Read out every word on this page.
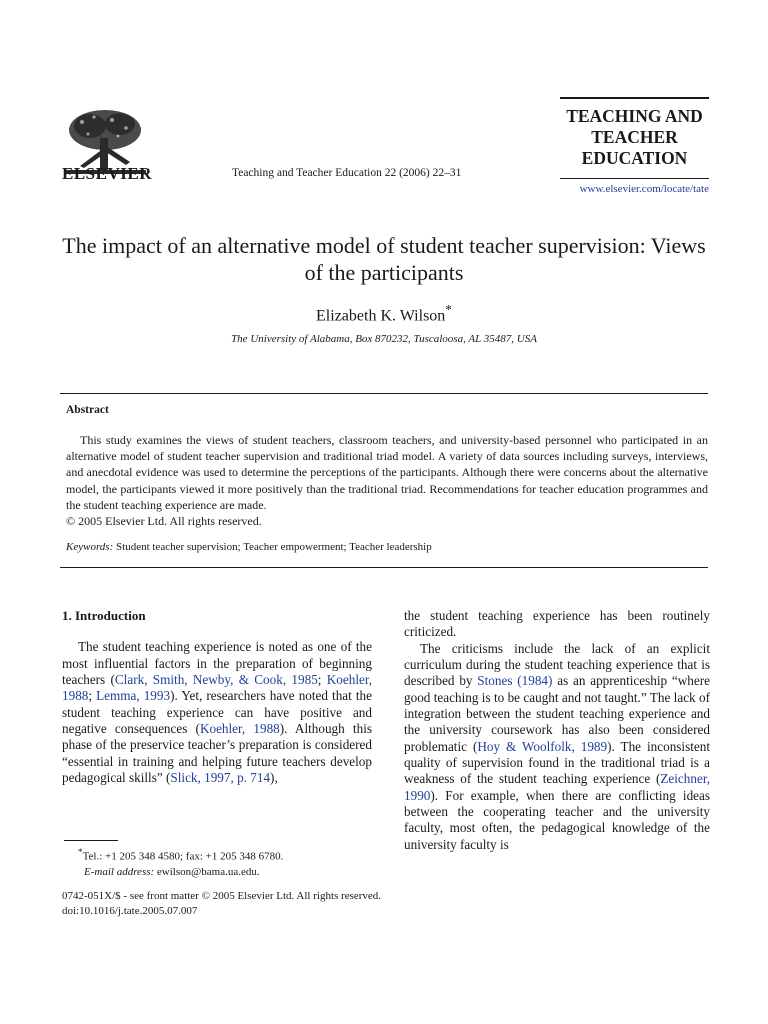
ELSEVIER	Teaching and Teacher Education 22 (2006) 22–31
TEACHING AND TEACHER EDUCATION
www.elsevier.com/locate/tate
The impact of an alternative model of student teacher supervision: Views of the participants
Elizabeth K. Wilson*
The University of Alabama, Box 870232, Tuscaloosa, AL 35487, USA
Abstract
This study examines the views of student teachers, classroom teachers, and university-based personnel who participated in an alternative model of student teacher supervision and traditional triad model. A variety of data sources including surveys, interviews, and anecdotal evidence was used to determine the perceptions of the participants. Although there were concerns about the alternative model, the participants viewed it more positively than the traditional triad. Recommendations for teacher education programmes and the student teaching experience are made.
© 2005 Elsevier Ltd. All rights reserved.
Keywords: Student teacher supervision; Teacher empowerment; Teacher leadership
1. Introduction

The student teaching experience is noted as one of the most influential factors in the preparation of beginning teachers (Clark, Smith, Newby, & Cook, 1985; Koehler, 1988; Lemma, 1993). Yet, researchers have noted that the student teaching experience can have positive and negative consequences (Koehler, 1988). Although this phase of the preservice teacher’s preparation is considered “essential in training and helping future teachers develop pedagogical skills” (Slick, 1997, p. 714),

the student teaching experience has been routinely criticized.

The criticisms include the lack of an explicit curriculum during the student teaching experience that is described by Stones (1984) as an apprenticeship “where good teaching is to be caught and not taught.” The lack of integration between the student teaching experience and the university coursework has also been considered problematic (Hoy & Woolfolk, 1989). The inconsistent quality of supervision found in the traditional triad is a weakness of the student teaching experience (Zeichner, 1990). For example, when there are conflicting ideas between the cooperating teacher and the university faculty, most often, the pedagogical knowledge of the university faculty is

*Tel.: +1 205 348 4580; fax: +1 205 348 6780.
E-mail address: ewilson@bama.ua.edu.
0742-051X/$ - see front matter © 2005 Elsevier Ltd. All rights reserved.
doi:10.1016/j.tate.2005.07.007
